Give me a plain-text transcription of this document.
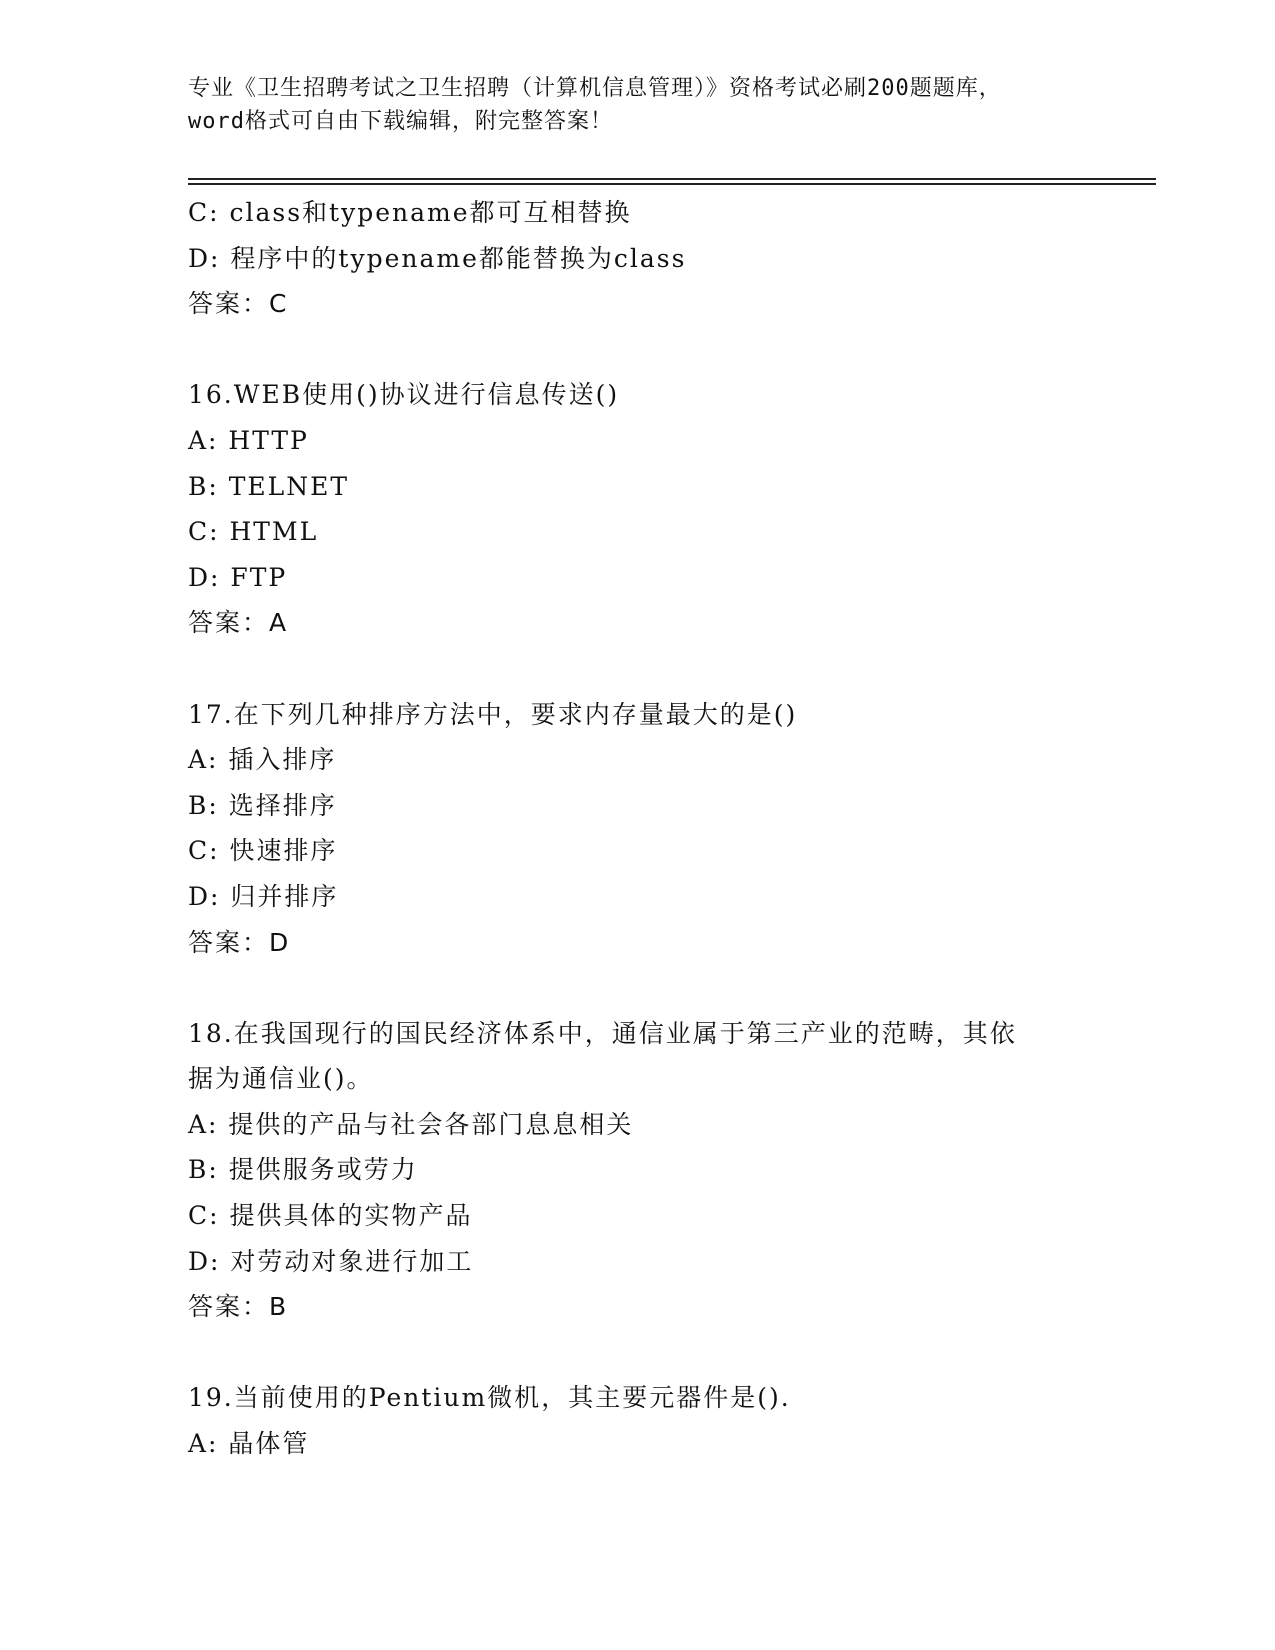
专业《卫生招聘考试之卫生招聘（计算机信息管理）》资格考试必刷200题题库，
word格式可自由下载编辑，附完整答案！
C: class和typename都可互相替换
D: 程序中的typename都能替换为class
答案：C
16.WEB使用()协议进行信息传送()
A: HTTP
B: TELNET
C: HTML
D: FTP
答案：A
17.在下列几种排序方法中，要求内存量最大的是()
A: 插入排序
B: 选择排序
C: 快速排序
D: 归并排序
答案：D
18.在我国现行的国民经济体系中，通信业属于第三产业的范畴，其依
据为通信业()。
A: 提供的产品与社会各部门息息相关
B: 提供服务或劳力
C: 提供具体的实物产品
D: 对劳动对象进行加工
答案：B
19.当前使用的Pentium微机，其主要元器件是().
A: 晶体管
